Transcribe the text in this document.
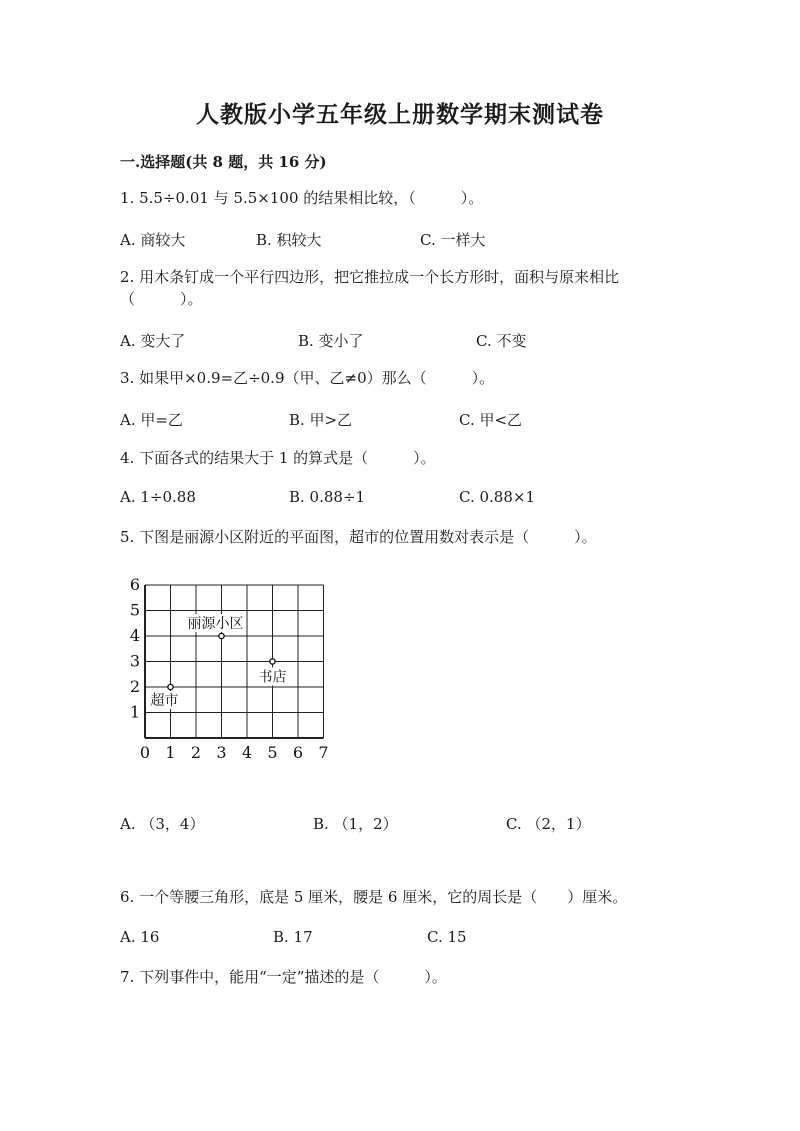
人教版小学五年级上册数学期末测试卷
一.选择题(共 8 题，共 16 分)
1. 5.5÷0.01 与 5.5×100 的结果相比较，（　　　）。
A. 商较大	B. 积较大	C. 一样大
2. 用木条钉成一个平行四边形，把它推拉成一个长方形时，面积与原来相比
（　　　）。
A. 变大了	B. 变小了	C. 不变
3. 如果甲×0.9=乙÷0.9（甲、乙≠0）那么（　　　）。
A. 甲=乙	B. 甲>乙	C. 甲<乙
4. 下面各式的结果大于 1 的算式是（　　　）。
A. 1÷0.88	B. 0.88÷1	C. 0.88×1
5. 下图是丽源小区附近的平面图，超市的位置用数对表示是（　　　）。
0 1 2 3 4 5 6 7
1
2
3
4
5
6
丽源小区
书店
超市
A. （3，4）	B. （1，2）	C. （2，1）
6. 一个等腰三角形，底是 5 厘米，腰是 6 厘米，它的周长是（　　）厘米。
A. 16	B. 17	C. 15
7. 下列事件中，能用“一定”描述的是（　　　）。
